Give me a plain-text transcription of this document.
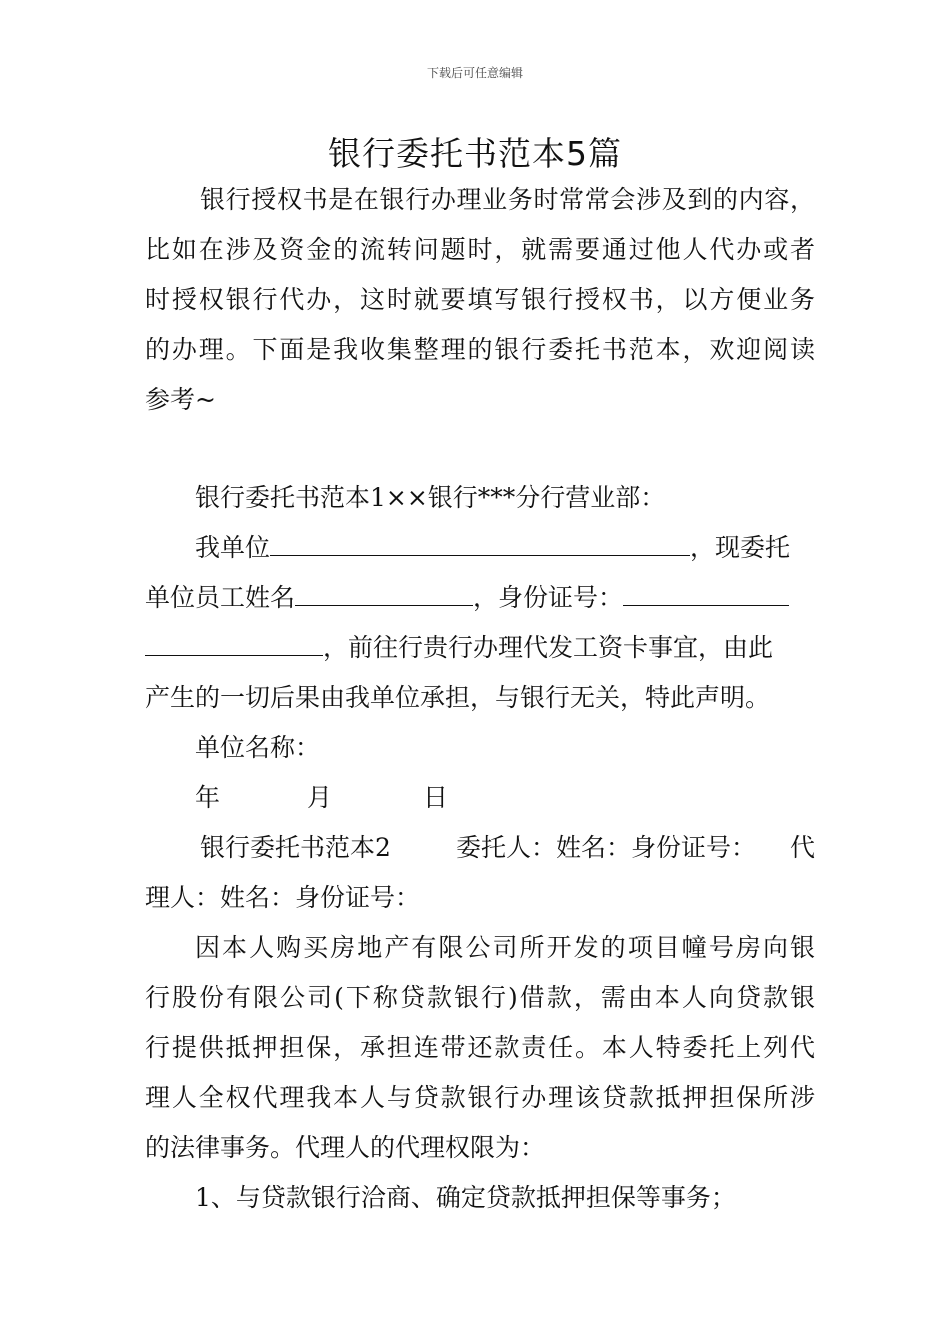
下载后可任意编辑
银行委托书范本5篇
银行授权书是在银行办理业务时常常会涉及到的内容，
比如在涉及资金的流转问题时，就需要通过他人代办或者
时授权银行代办，这时就要填写银行授权书，以方便业务
的办理。下面是我收集整理的银行委托书范本，欢迎阅读
参考~
银行委托书范本1××银行***分行营业部：
我单位	，现委托
单位员工姓名	，身份证号：
，前往行贵行办理代发工资卡事宜，由此
产生的一切后果由我单位承担，与银行无关，特此声明。
单位名称：
年	月	日
银行委托书范本2	委托人：姓名：身份证号： 代
理人：姓名：身份证号：
因本人购买房地产有限公司所开发的项目幢号房向银
行股份有限公司(下称贷款银行)借款，需由本人向贷款银
行提供抵押担保，承担连带还款责任。本人特委托上列代
理人全权代理我本人与贷款银行办理该贷款抵押担保所涉
的法律事务。代理人的代理权限为：
1、与贷款银行洽商、确定贷款抵押担保等事务；
